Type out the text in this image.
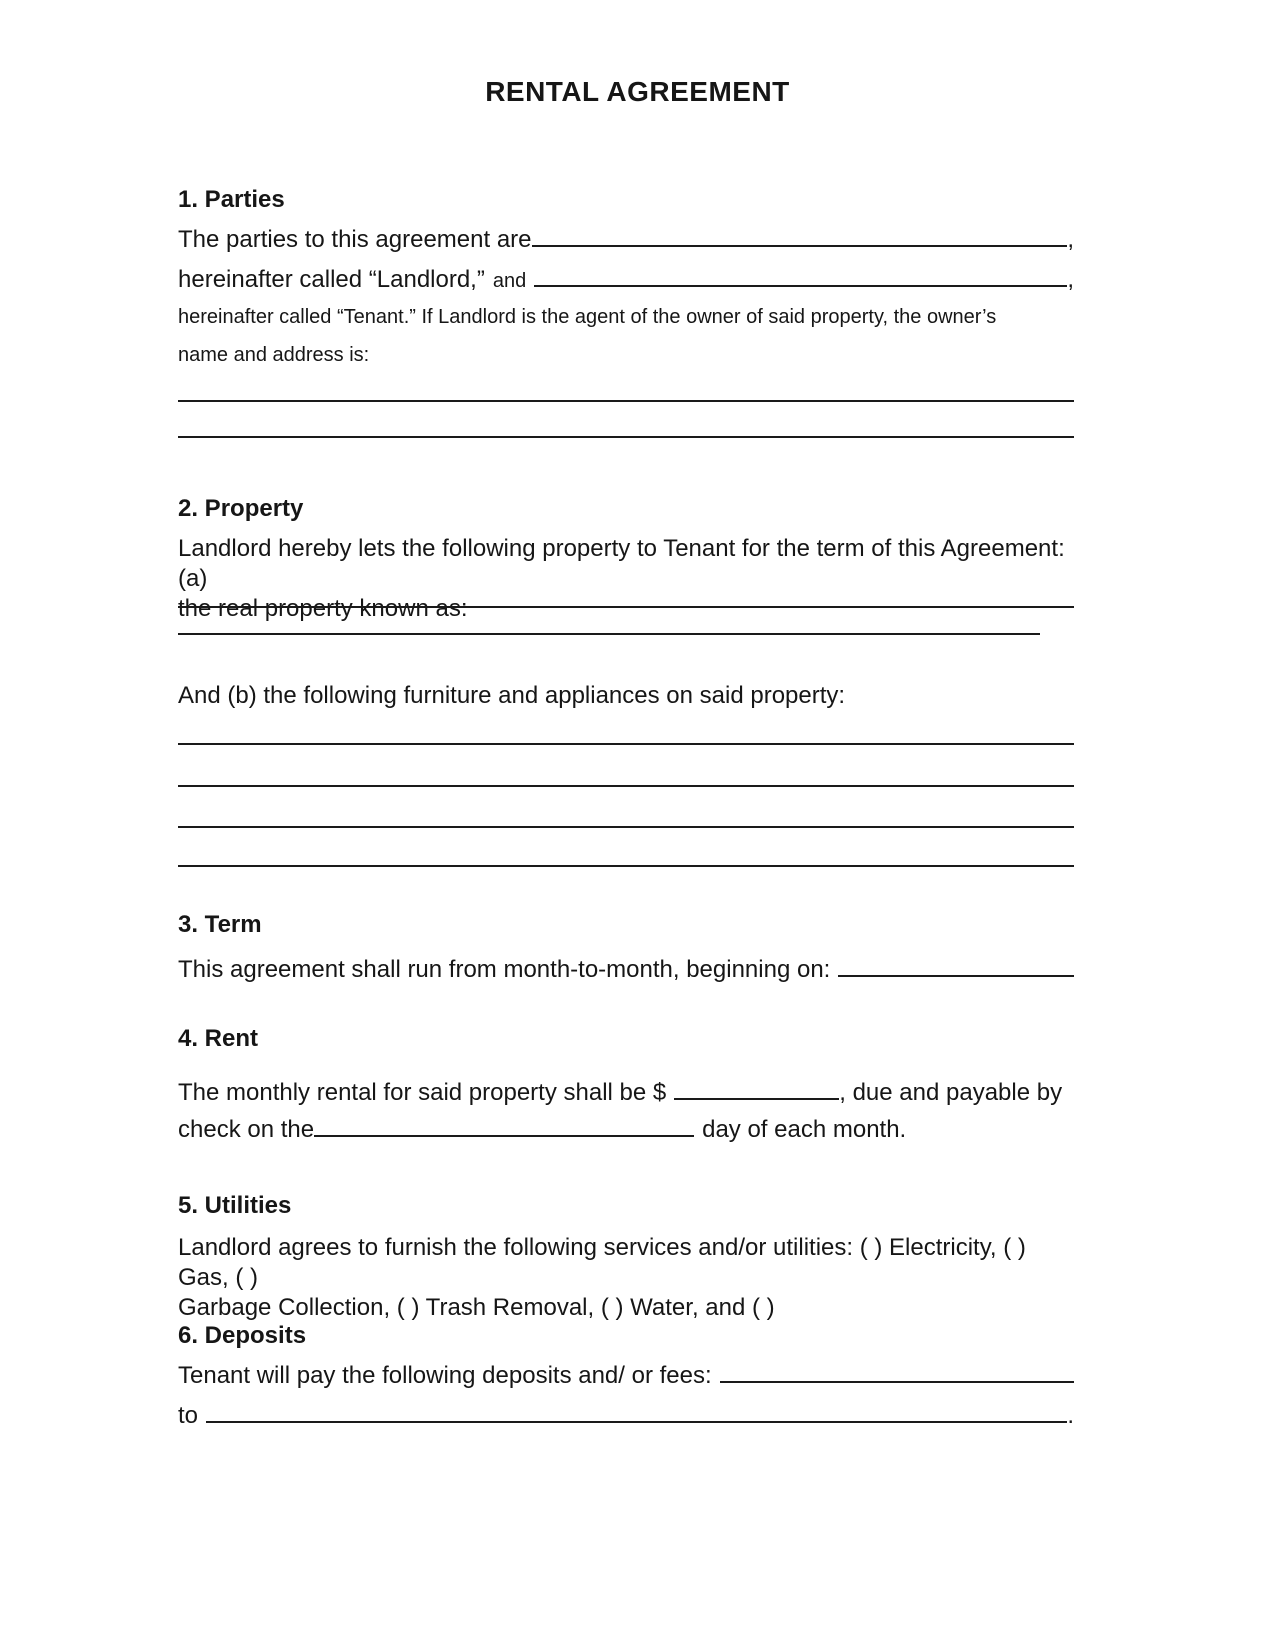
RENTAL AGREEMENT
1. Parties
The parties to this agreement are	,
hereinafter called “Landlord,” and	,
hereinafter called “Tenant.” If Landlord is the agent of the owner of said property, the owner’s
name and address is:
2. Property
Landlord hereby lets the following property to Tenant for the term of this Agreement: (a)
the real property known as:
And (b) the following furniture and appliances on said property:
3. Term
This agreement shall run from month-to-month, beginning on:
4. Rent
The monthly rental for said property shall be $	, due and payable by
check on the	day of each month.
5. Utilities
Landlord agrees to furnish the following services and/or utilities: ( ) Electricity, ( ) Gas, ( )
Garbage Collection, ( ) Trash Removal, ( ) Water, and ( )
6. Deposits
Tenant will pay the following deposits and/ or fees:
to	.
